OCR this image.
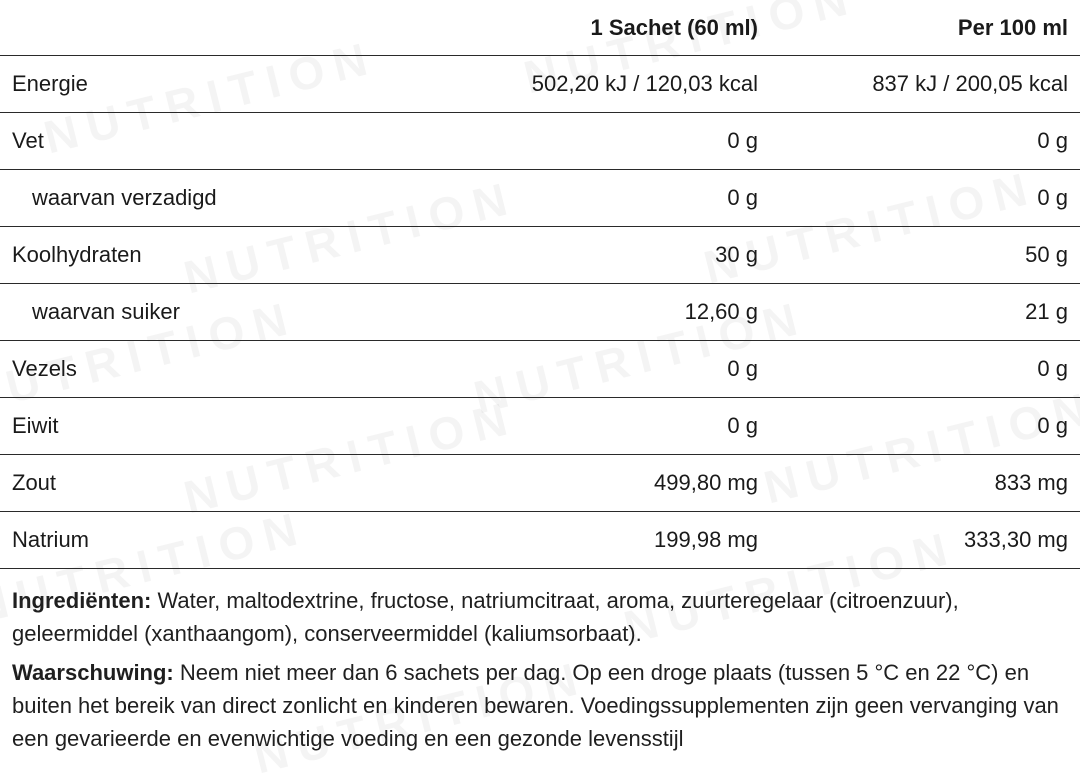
	1 Sachet (60 ml)	Per 100 ml
Energie	502,20 kJ / 120,03 kcal	837 kJ / 200,05 kcal
Vet	0 g	0 g
waarvan verzadigd	0 g	0 g
Koolhydraten	30 g	50 g
waarvan suiker	12,60 g	21 g
Vezels	0 g	0 g
Eiwit	0 g	0 g
Zout	499,80 mg	833 mg
Natrium	199,98 mg	333,30 mg
Ingrediënten: Water, maltodextrine, fructose, natriumcitraat, aroma, zuurteregelaar (citroenzuur), geleermiddel (xanthaangom), conserveermiddel (kaliumsorbaat).
Waarschuwing: Neem niet meer dan 6 sachets per dag. Op een droge plaats (tussen 5 °C en 22 °C) en buiten het bereik van direct zonlicht en kinderen bewaren. Voedingssupplementen zijn geen vervanging van een gevarieerde en evenwichtige voeding en een gezonde levensstijl
